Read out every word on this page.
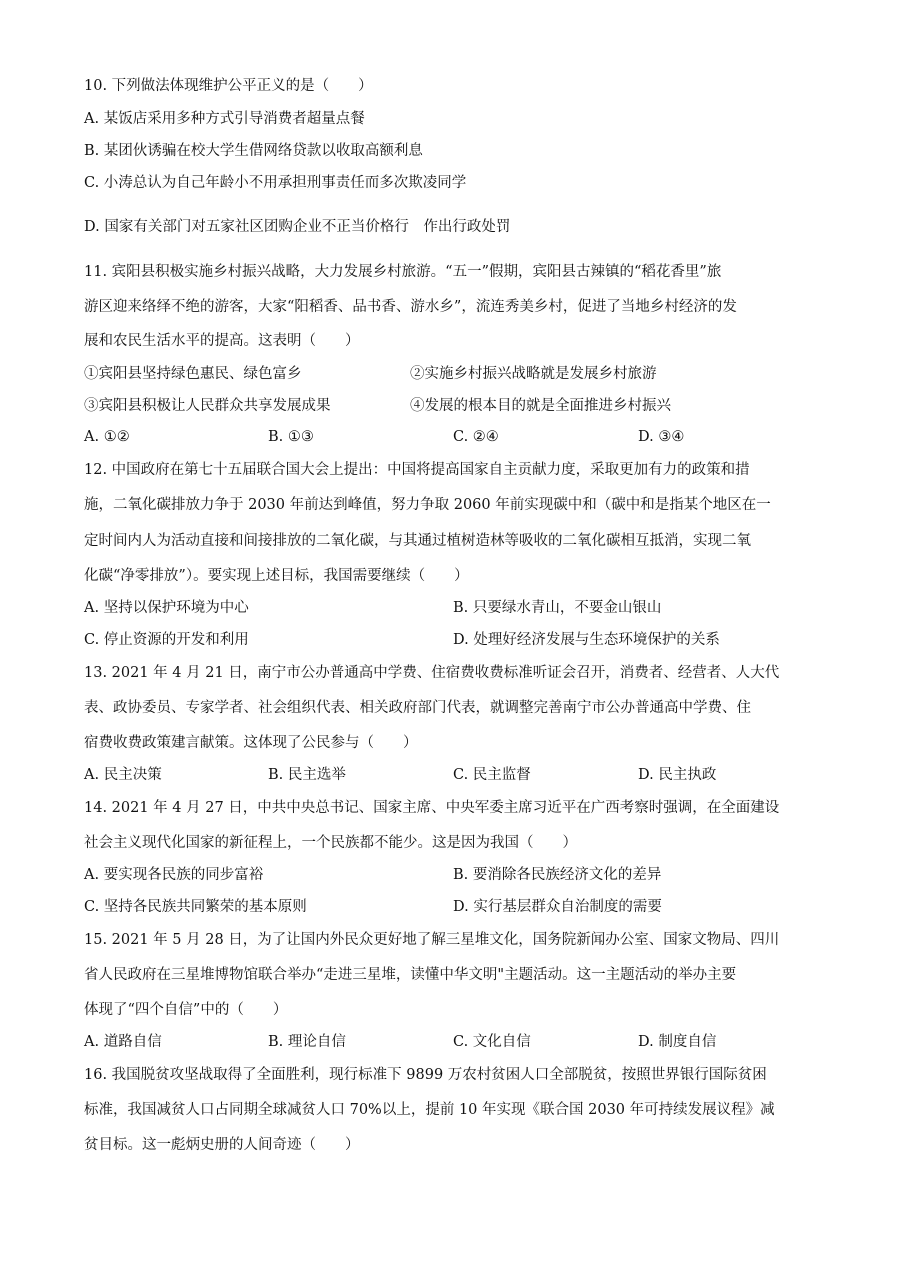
10. 下列做法体现维护公平正义的是（　　）
A. 某饭店采用多种方式引导消费者超量点餐
B. 某团伙诱骗在校大学生借网络贷款以收取高额利息
C. 小涛总认为自己年龄小不用承担刑事责任而多次欺凌同学
D. 国家有关部门对五家社区团购企业不正当价格行　作出行政处罚
11. 宾阳县积极实施乡村振兴战略，大力发展乡村旅游。“五一”假期，宾阳县古辣镇的“稻花香里”旅
游区迎来络绎不绝的游客，大家“阳稻香、品书香、游水乡”，流连秀美乡村，促进了当地乡村经济的发
展和农民生活水平的提高。这表明（　　）
①宾阳县坚持绿色惠民、绿色富乡	②实施乡村振兴战略就是发展乡村旅游
③宾阳县积极让人民群众共享发展成果	④发展的根本目的就是全面推进乡村振兴
A. ①②	B. ①③	C. ②④	D. ③④
12. 中国政府在第七十五届联合国大会上提出：中国将提高国家自主贡献力度，采取更加有力的政策和措
施，二氧化碳排放力争于 2030 年前达到峰值，努力争取 2060 年前实现碳中和（碳中和是指某个地区在一
定时间内人为活动直接和间接排放的二氧化碳，与其通过植树造林等吸收的二氧化碳相互抵消，实现二氧
化碳“净零排放”）。要实现上述目标，我国需要继续（　　）
A. 坚持以保护环境为中心	B. 只要绿水青山，不要金山银山
C. 停止资源的开发和利用	D. 处理好经济发展与生态环境保护的关系
13. 2021 年 4 月 21 日，南宁市公办普通高中学费、住宿费收费标准听证会召开，消费者、经营者、人大代
表、政协委员、专家学者、社会组织代表、相关政府部门代表，就调整完善南宁市公办普通高中学费、住
宿费收费政策建言献策。这体现了公民参与（　　）
A. 民主决策	B. 民主选举	C. 民主监督	D. 民主执政
14. 2021 年 4 月 27 日，中共中央总书记、国家主席、中央军委主席习近平在广西考察时强调，在全面建设
社会主义现代化国家的新征程上，一个民族都不能少。这是因为我国（　　）
A. 要实现各民族的同步富裕	B. 要消除各民族经济文化的差异
C. 坚持各民族共同繁荣的基本原则	D. 实行基层群众自治制度的需要
15. 2021 年 5 月 28 日，为了让国内外民众更好地了解三星堆文化，国务院新闻办公室、国家文物局、四川
省人民政府在三星堆博物馆联合举办“走进三星堆，读懂中华文明"主题活动。这一主题活动的举办主要
体现了“四个自信”中的（　　）
A. 道路自信	B. 理论自信	C. 文化自信	D. 制度自信
16. 我国脱贫攻坚战取得了全面胜利，现行标准下 9899 万农村贫困人口全部脱贫，按照世界银行国际贫困
标准，我国减贫人口占同期全球减贫人口 70%以上，提前 10 年实现《联合国 2030 年可持续发展议程》减
贫目标。这一彪炳史册的人间奇迹（　　）
